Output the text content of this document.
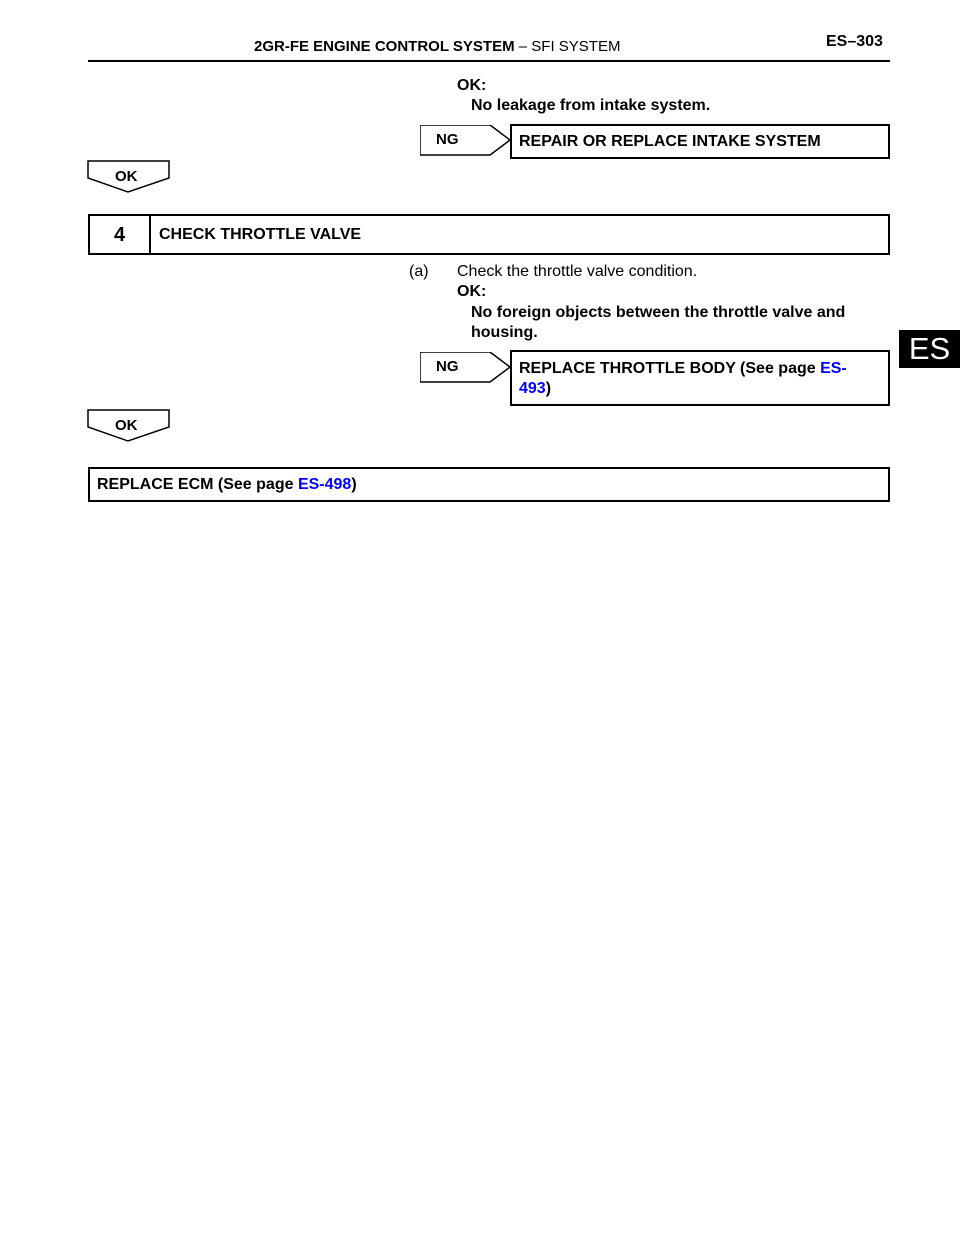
2GR-FE ENGINE CONTROL SYSTEM – SFI SYSTEM	ES–303
ES
OK:
No leakage from intake system.
NG	REPAIR OR REPLACE INTAKE SYSTEM
OK
4	CHECK THROTTLE VALVE
(a) Check the throttle valve condition.
OK:
No foreign objects between the throttle valve and
housing.
NG	REPLACE THROTTLE BODY (See page ES-
493)
OK
REPLACE ECM (See page ES-498)
